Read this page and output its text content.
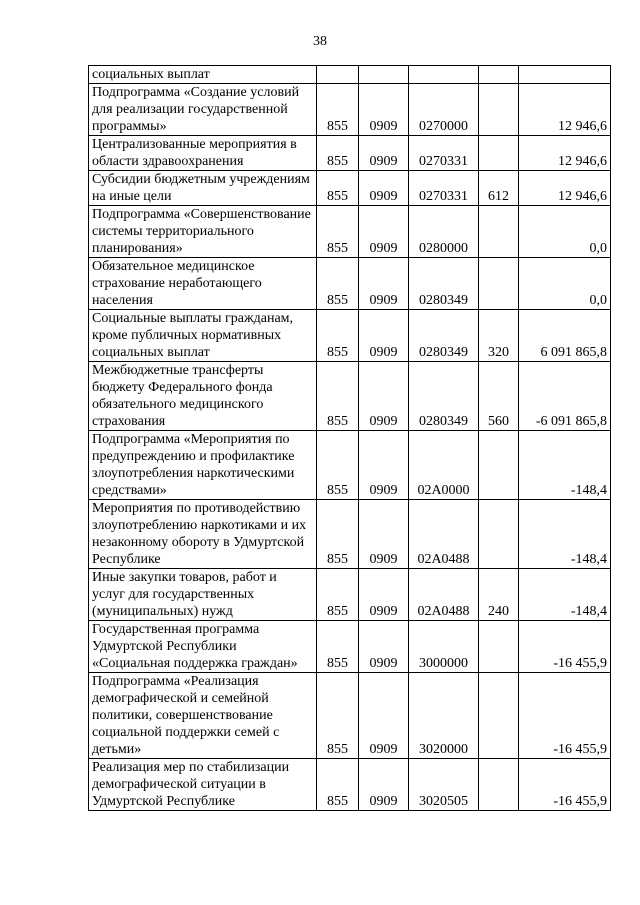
38
социальных выплат					
Подпрограмма «Создание условий для реализации государственной программы»	855	0909	0270000		12 946,6
Централизованные мероприятия в области здравоохранения	855	0909	0270331		12 946,6
Субсидии бюджетным учреждениям на иные цели	855	0909	0270331	612	12 946,6
Подпрограмма «Совершенствование системы территориального планирования»	855	0909	0280000		0,0
Обязательное медицинское страхование неработающего населения	855	0909	0280349		0,0
Социальные выплаты гражданам, кроме публичных нормативных социальных выплат	855	0909	0280349	320	6 091 865,8
Межбюджетные трансферты бюджету Федерального фонда обязательного медицинского страхования	855	0909	0280349	560	-6 091 865,8
Подпрограмма «Мероприятия по предупреждению и профилактике злоупотребления наркотическими средствами»	855	0909	02А0000		-148,4
Мероприятия по противодействию злоупотреблению наркотиками и их незаконному обороту в Удмуртской Республике	855	0909	02А0488		-148,4
Иные закупки товаров, работ и услуг для государственных (муниципальных) нужд	855	0909	02А0488	240	-148,4
Государственная программа Удмуртской Республики «Социальная поддержка граждан»	855	0909	3000000		-16 455,9
Подпрограмма «Реализация демографической и семейной политики, совершенствование социальной поддержки семей с детьми»	855	0909	3020000		-16 455,9
Реализация мер по стабилизации демографической ситуации в Удмуртской Республике	855	0909	3020505		-16 455,9
